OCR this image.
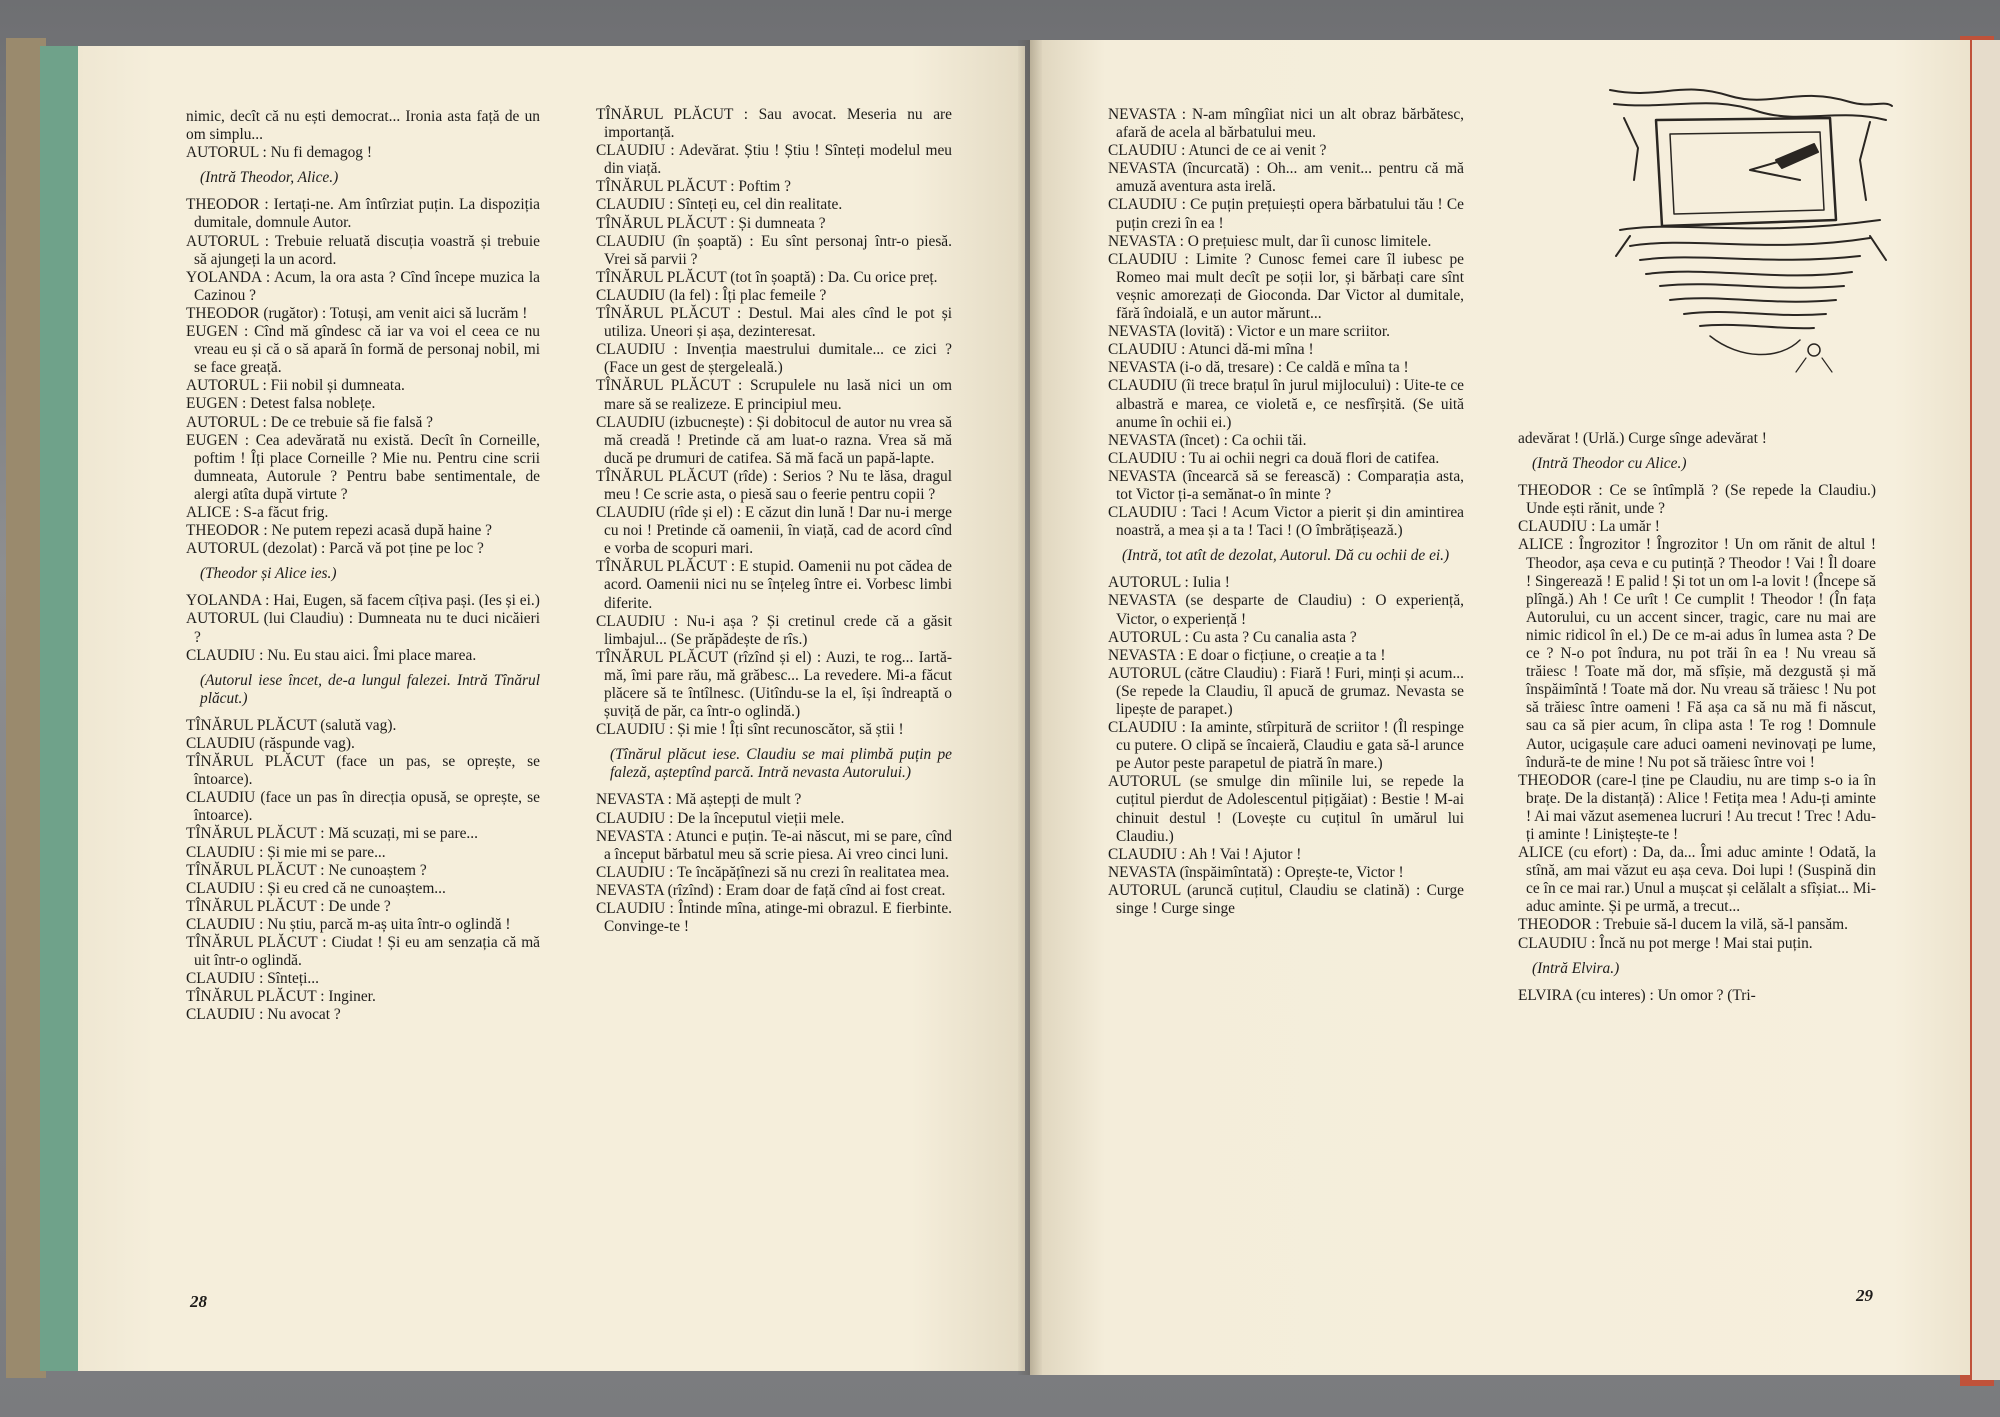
nimic, decît că nu ești democrat... Ironia asta față de un om simplu...

AUTORUL : Nu fi demagog !

(Intră Theodor, Alice.)

THEODOR : Iertați-ne. Am întîrziat puțin. La dispoziția dumitale, domnule Autor.

AUTORUL : Trebuie reluată discuția voastră și trebuie să ajungeți la un acord.

YOLANDA : Acum, la ora asta ? Cînd începe muzica la Cazinou ?

THEODOR (rugător) : Totuși, am venit aici să lucrăm !

EUGEN : Cînd mă gîndesc că iar va voi el ceea ce nu vreau eu și că o să apară în formă de personaj nobil, mi se face greață.

AUTORUL : Fii nobil și dumneata.

EUGEN : Detest falsa noblețe.

AUTORUL : De ce trebuie să fie falsă ?

EUGEN : Cea adevărată nu există. Decît în Corneille, poftim ! Îți place Corneille ? Mie nu. Pentru cine scrii dumneata, Autorule ? Pentru babe sentimentale, de alergi atîta după virtute ?

ALICE : S-a făcut frig.

THEODOR : Ne putem repezi acasă după haine ?

AUTORUL (dezolat) : Parcă vă pot ține pe loc ?

(Theodor și Alice ies.)

YOLANDA : Hai, Eugen, să facem cîțiva pași. (Ies și ei.)

AUTORUL (lui Claudiu) : Dumneata nu te duci nicăieri ?

CLAUDIU : Nu. Eu stau aici. Îmi place marea.

(Autorul iese încet, de-a lungul falezei. Intră Tînărul plăcut.)

TÎNĂRUL PLĂCUT (salută vag).

CLAUDIU (răspunde vag).

TÎNĂRUL PLĂCUT (face un pas, se oprește, se întoarce).

CLAUDIU (face un pas în direcția opusă, se oprește, se întoarce).

TÎNĂRUL PLĂCUT : Mă scuzați, mi se pare...

CLAUDIU : Și mie mi se pare...

TÎNĂRUL PLĂCUT : Ne cunoaștem ?

CLAUDIU : Și eu cred că ne cunoaștem...

TÎNĂRUL PLĂCUT : De unde ?

CLAUDIU : Nu știu, parcă m-aș uita într-o oglindă !

TÎNĂRUL PLĂCUT : Ciudat ! Și eu am senzația că mă uit într-o oglindă.

CLAUDIU : Sînteți...

TÎNĂRUL PLĂCUT : Inginer.

CLAUDIU : Nu avocat ?

TÎNĂRUL PLĂCUT : Sau avocat. Meseria nu are importanță.

CLAUDIU : Adevărat. Știu ! Știu ! Sînteți modelul meu din viață.

TÎNĂRUL PLĂCUT : Poftim ?

CLAUDIU : Sînteți eu, cel din realitate.

TÎNĂRUL PLĂCUT : Și dumneata ?

CLAUDIU (în șoaptă) : Eu sînt personaj într-o piesă. Vrei să parvii ?

TÎNĂRUL PLĂCUT (tot în șoaptă) : Da. Cu orice preț.

CLAUDIU (la fel) : Îți plac femeile ?

TÎNĂRUL PLĂCUT : Destul. Mai ales cînd le pot și utiliza. Uneori și așa, dezinteresat.

CLAUDIU : Invenția maestrului dumitale... ce zici ? (Face un gest de ștergeleală.)

TÎNĂRUL PLĂCUT : Scrupulele nu lasă nici un om mare să se realizeze. E principiul meu.

CLAUDIU (izbucnește) : Și dobitocul de autor nu vrea să mă creadă ! Pretinde că am luat-o razna. Vrea să mă ducă pe drumuri de catifea. Să mă facă un papă-lapte.

TÎNĂRUL PLĂCUT (rîde) : Serios ? Nu te lăsa, dragul meu ! Ce scrie asta, o piesă sau o feerie pentru copii ?

CLAUDIU (rîde și el) : E căzut din lună ! Dar nu-i merge cu noi ! Pretinde că oamenii, în viață, cad de acord cînd e vorba de scopuri mari.

TÎNĂRUL PLĂCUT : E stupid. Oamenii nu pot cădea de acord. Oamenii nici nu se înțeleg între ei. Vorbesc limbi diferite.

CLAUDIU : Nu-i așa ? Și cretinul crede că a găsit limbajul... (Se prăpădește de rîs.)

TÎNĂRUL PLĂCUT (rîzînd și el) : Auzi, te rog... Iartă-mă, îmi pare rău, mă grăbesc... La revedere. Mi-a făcut plăcere să te întîlnesc. (Uitîndu-se la el, își îndreaptă o șuviță de păr, ca într-o oglindă.)

CLAUDIU : Și mie ! Îți sînt recunoscător, să știi !

(Tînărul plăcut iese. Claudiu se mai plimbă puțin pe faleză, așteptînd parcă. Intră nevasta Autorului.)

NEVASTA : Mă aștepți de mult ?

CLAUDIU : De la începutul vieții mele.

NEVASTA : Atunci e puțin. Te-ai născut, mi se pare, cînd a început bărbatul meu să scrie piesa. Ai vreo cinci luni.

CLAUDIU : Te încăpățînezi să nu crezi în realitatea mea.

NEVASTA (rîzînd) : Eram doar de față cînd ai fost creat.

CLAUDIU : Întinde mîna, atinge-mi obrazul. E fierbinte. Convinge-te !

NEVASTA : N-am mîngîiat nici un alt obraz bărbătesc, afară de acela al bărbatului meu.

CLAUDIU : Atunci de ce ai venit ?

NEVASTA (încurcată) : Oh... am venit... pentru că mă amuză aventura asta irelă.

CLAUDIU : Ce puțin prețuiești opera bărbatului tău ! Ce puțin crezi în ea !

NEVASTA : O prețuiesc mult, dar îi cunosc limitele.

CLAUDIU : Limite ? Cunosc femei care îl iubesc pe Romeo mai mult decît pe soții lor, și bărbați care sînt veșnic amorezați de Gioconda. Dar Victor al dumitale, fără îndoială, e un autor mărunt...

NEVASTA (lovită) : Victor e un mare scriitor.

CLAUDIU : Atunci dă-mi mîna !

NEVASTA (i-o dă, tresare) : Ce caldă e mîna ta !

CLAUDIU (îi trece brațul în jurul mijlocului) : Uite-te ce albastră e marea, ce violetă e, ce nesfîrșită. (Se uită anume în ochii ei.)

NEVASTA (încet) : Ca ochii tăi.

CLAUDIU : Tu ai ochii negri ca două flori de catifea.

NEVASTA (încearcă să se ferească) : Comparația asta, tot Victor ți-a semănat-o în minte ?

CLAUDIU : Taci ! Acum Victor a pierit și din amintirea noastră, a mea și a ta ! Taci ! (O îmbrățișează.)

(Intră, tot atît de dezolat, Autorul. Dă cu ochii de ei.)

AUTORUL : Iulia !

NEVASTA (se desparte de Claudiu) : O experiență, Victor, o experiență !

AUTORUL : Cu asta ? Cu canalia asta ?

NEVASTA : E doar o ficțiune, o creație a ta !

AUTORUL (către Claudiu) : Fiară ! Furi, minți și acum... (Se repede la Claudiu, îl apucă de grumaz. Nevasta se lipește de parapet.)

CLAUDIU : Ia aminte, stîrpitură de scriitor ! (Îl respinge cu putere. O clipă se încaieră, Claudiu e gata să-l arunce pe Autor peste parapetul de piatră în mare.)

AUTORUL (se smulge din mîinile lui, se repede la cuțitul pierdut de Adolescentul pițigăiat) : Bestie ! M-ai chinuit destul ! (Lovește cu cuțitul în umărul lui Claudiu.)

CLAUDIU : Ah ! Vai ! Ajutor !

NEVASTA (înspăimîntată) : Oprește-te, Victor !

AUTORUL (aruncă cuțitul, Claudiu se clatină) : Curge singe ! Curge singe

adevărat ! (Urlă.) Curge sînge adevărat !

(Intră Theodor cu Alice.)

THEODOR : Ce se întîmplă ? (Se repede la Claudiu.) Unde ești rănit, unde ?

CLAUDIU : La umăr !

ALICE : Îngrozitor ! Îngrozitor ! Un om rănit de altul ! Theodor, așa ceva e cu putință ? Theodor ! Vai ! Îl doare ! Singerează ! E palid ! Și tot un om l-a lovit ! (Începe să plîngă.) Ah ! Ce urît ! Ce cumplit ! Theodor ! (În fața Autorului, cu un accent sincer, tragic, care nu mai are nimic ridicol în el.) De ce m-ai adus în lumea asta ? De ce ? N-o pot îndura, nu pot trăi în ea ! Nu vreau să trăiesc ! Toate mă dor, mă sfîșie, mă dezgustă și mă înspăimîntă ! Toate mă dor. Nu vreau să trăiesc ! Nu pot să trăiesc între oameni ! Fă așa ca să nu mă fi născut, sau ca să pier acum, în clipa asta ! Te rog ! Domnule Autor, ucigașule care aduci oameni nevinovați pe lume, îndură-te de mine ! Nu pot să trăiesc între voi !

THEODOR (care-l ține pe Claudiu, nu are timp s-o ia în brațe. De la distanță) : Alice ! Fetița mea ! Adu-ți aminte ! Ai mai văzut asemenea lucruri ! Au trecut ! Trec ! Adu-ți aminte ! Liniștește-te !

ALICE (cu efort) : Da, da... Îmi aduc aminte ! Odată, la stînă, am mai văzut eu așa ceva. Doi lupi ! (Suspină din ce în ce mai rar.) Unul a mușcat și celălalt a sfîșiat... Mi-aduc aminte. Și pe urmă, a trecut...

THEODOR : Trebuie să-l ducem la vilă, să-l pansăm.

CLAUDIU : Încă nu pot merge ! Mai stai puțin.

(Intră Elvira.)

ELVIRA (cu interes) : Un omor ? (Tri-

28	29
